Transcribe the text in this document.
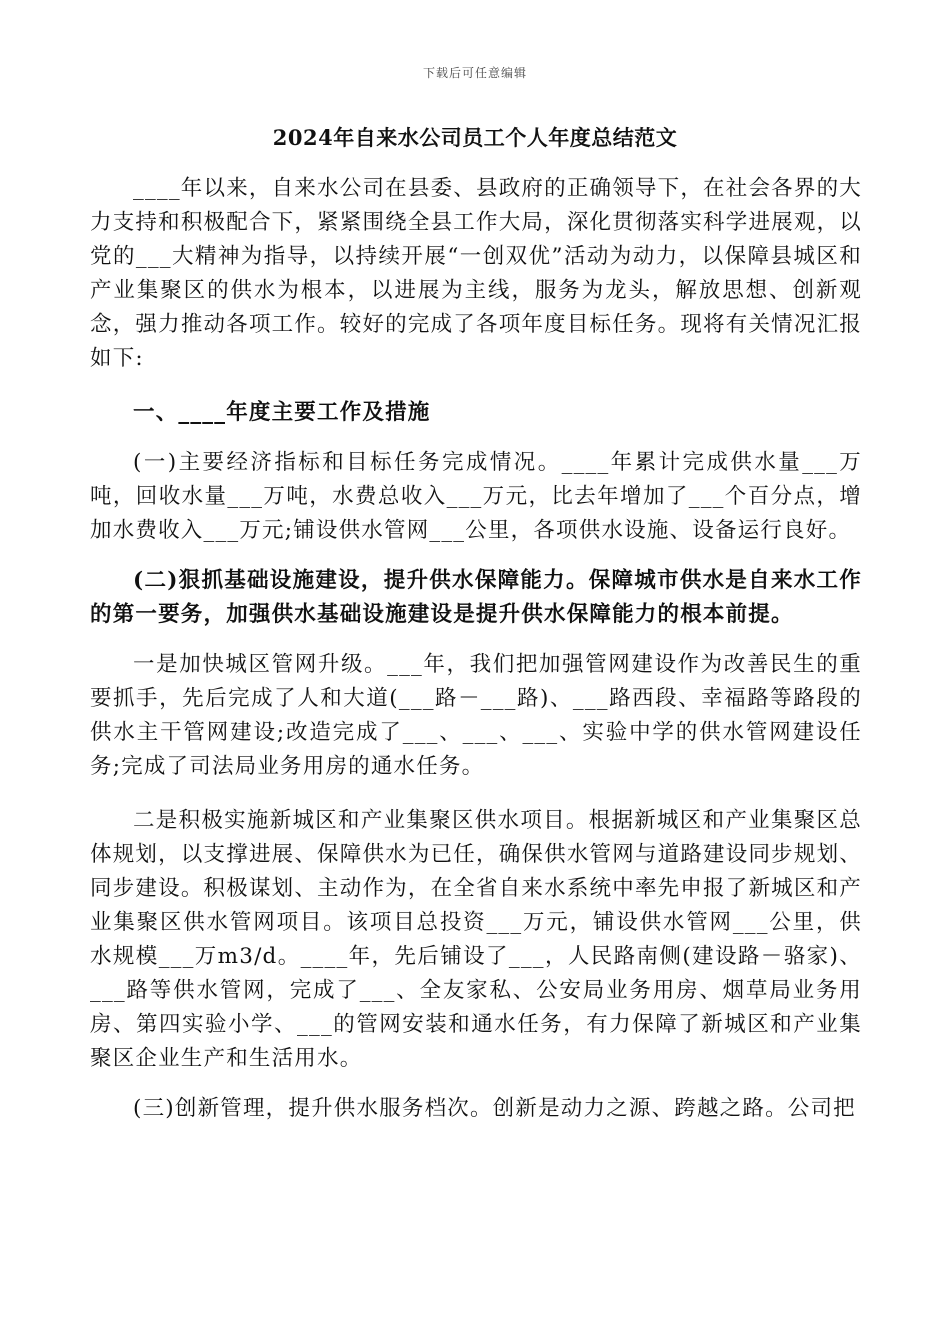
下载后可任意编辑
2024年自来水公司员工个人年度总结范文

____年以来，自来水公司在县委、县政府的正确领导下，在社会各界的大力支持和积极配合下，紧紧围绕全县工作大局，深化贯彻落实科学进展观，以党的___大精神为指导，以持续开展“一创双优”活动为动力，以保障县城区和产业集聚区的供水为根本，以进展为主线，服务为龙头，解放思想、创新观念，强力推动各项工作。较好的完成了各项年度目标任务。现将有关情况汇报如下:

一、____年度主要工作及措施

(一)主要经济指标和目标任务完成情况。____年累计完成供水量___万吨，回收水量___万吨，水费总收入___万元，比去年增加了___个百分点，增加水费收入___万元;铺设供水管网___公里，各项供水设施、设备运行良好。

(二)狠抓基础设施建设，提升供水保障能力。保障城市供水是自来水工作的第一要务，加强供水基础设施建设是提升供水保障能力的根本前提。

一是加快城区管网升级。___年，我们把加强管网建设作为改善民生的重要抓手，先后完成了人和大道(___路－___路)、___路西段、幸福路等路段的供水主干管网建设;改造完成了___、___、___、实验中学的供水管网建设任务;完成了司法局业务用房的通水任务。

二是积极实施新城区和产业集聚区供水项目。根据新城区和产业集聚区总体规划，以支撑进展、保障供水为已任，确保供水管网与道路建设同步规划、同步建设。积极谋划、主动作为，在全省自来水系统中率先申报了新城区和产业集聚区供水管网项目。该项目总投资___万元，铺设供水管网___公里，供水规模___万m3/d。____年，先后铺设了___，人民路南侧(建设路－骆家)、___路等供水管网，完成了___、全友家私、公安局业务用房、烟草局业务用房、第四实验小学、___的管网安装和通水任务，有力保障了新城区和产业集聚区企业生产和生活用水。

(三)创新管理，提升供水服务档次。创新是动力之源、跨越之路。公司把
